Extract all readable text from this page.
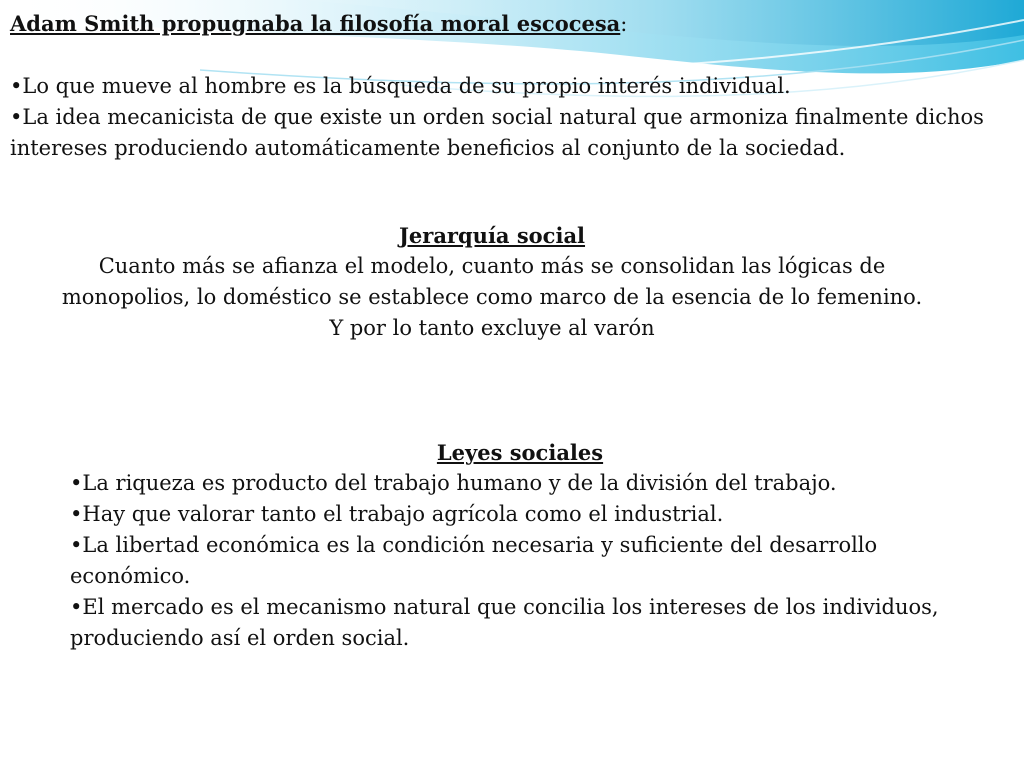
Adam Smith propugnaba la filosofía moral escocesa:
•Lo que mueve al hombre es la búsqueda de su propio interés individual.
•La idea mecanicista de que existe un orden social natural que armoniza finalmente dichos intereses produciendo automáticamente beneficios al conjunto de la sociedad.
Jerarquía social
Cuanto más se afianza el modelo, cuanto más se consolidan las lógicas de monopolios, lo doméstico se establece como marco de la esencia de lo femenino. Y por lo tanto excluye al varón
Leyes sociales
•La riqueza es producto del trabajo humano y de la división del trabajo.
•Hay que valorar tanto el trabajo agrícola como el industrial.
•La libertad económica es la condición necesaria y suficiente del desarrollo económico.
•El mercado es el mecanismo natural que concilia los intereses de los individuos, produciendo así el orden social.
